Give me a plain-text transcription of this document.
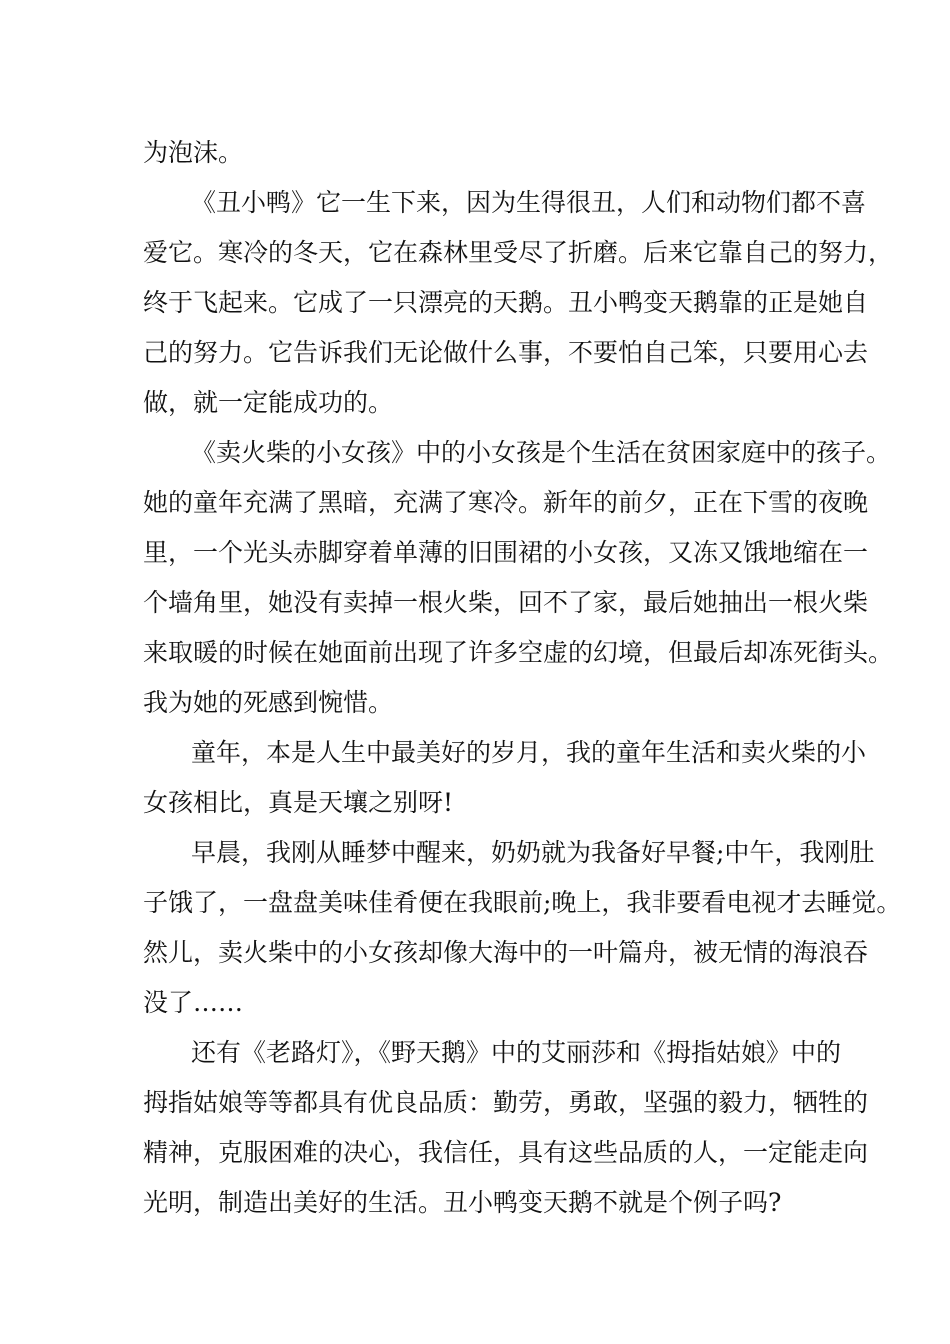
为泡沫。
《丑小鸭》它一生下来，因为生得很丑，人们和动物们都不喜
爱它。寒冷的冬天，它在森林里受尽了折磨。后来它靠自己的努力，
终于飞起来。它成了一只漂亮的天鹅。丑小鸭变天鹅靠的正是她自
己的努力。它告诉我们无论做什么事，不要怕自己笨，只要用心去
做，就一定能成功的。
《卖火柴的小女孩》中的小女孩是个生活在贫困家庭中的孩子。
她的童年充满了黑暗，充满了寒冷。新年的前夕，正在下雪的夜晚
里，一个光头赤脚穿着单薄的旧围裙的小女孩，又冻又饿地缩在一
个墙角里，她没有卖掉一根火柴，回不了家，最后她抽出一根火柴
来取暖的时候在她面前出现了许多空虚的幻境，但最后却冻死街头。
我为她的死感到惋惜。
童年，本是人生中最美好的岁月，我的童年生活和卖火柴的小
女孩相比，真是天壤之别呀!
早晨，我刚从睡梦中醒来，奶奶就为我备好早餐;中午，我刚肚
子饿了，一盘盘美味佳肴便在我眼前;晚上，我非要看电视才去睡觉。
然儿，卖火柴中的小女孩却像大海中的一叶篇舟，被无情的海浪吞
没了……
还有《老路灯》，《野天鹅》中的艾丽莎和《拇指姑娘》中的
拇指姑娘等等都具有优良品质：勤劳，勇敢，坚强的毅力，牺牲的
精神，克服困难的决心，我信任，具有这些品质的人，一定能走向
光明，制造出美好的生活。丑小鸭变天鹅不就是个例子吗?
